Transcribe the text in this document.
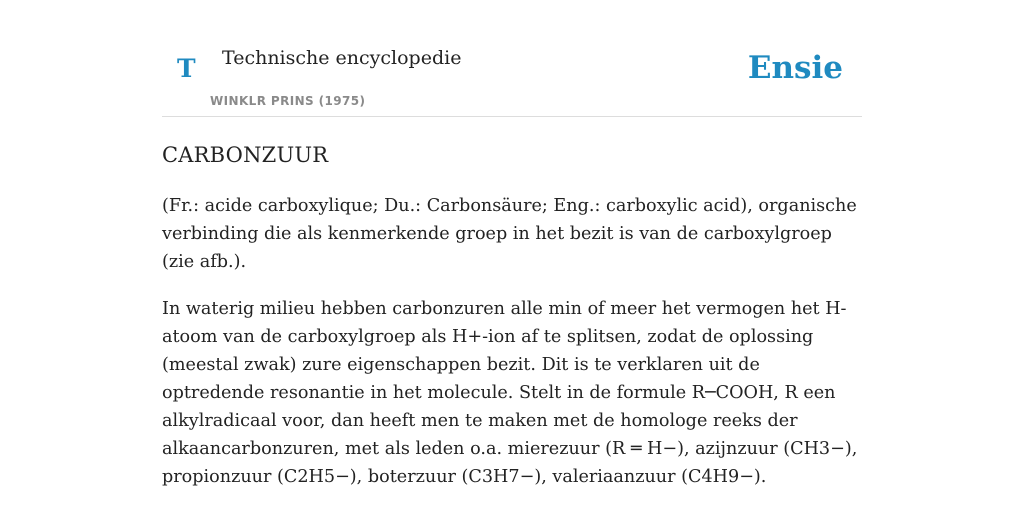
T Technische encyclopedie
WINKLR PRINS (1975)
Ensie
CARBONZUUR

(Fr.: acide carboxylique; Du.: Carbonsäure; Eng.: carboxylic acid), organische verbinding die als kenmerkende groep in het bezit is van de carboxylgroep (zie afb.).

In waterig milieu hebben carbonzuren alle min of meer het vermogen het H-atoom van de carboxylgroep als H+-ion af te splitsen, zodat de oplossing (meestal zwak) zure eigenschappen bezit. Dit is te verklaren uit de optredende resonantie in het molecule. Stelt in de formule R─COOH, R een alkylradicaal voor, dan heeft men te maken met de homologe reeks der alkaancarbonzuren, met als leden o.a. mierezuur (R ═ H−), azijnzuur (CH3−), propionzuur (C2H5−), boterzuur (C3H7−), valeriaanzuur (C4H9−).
